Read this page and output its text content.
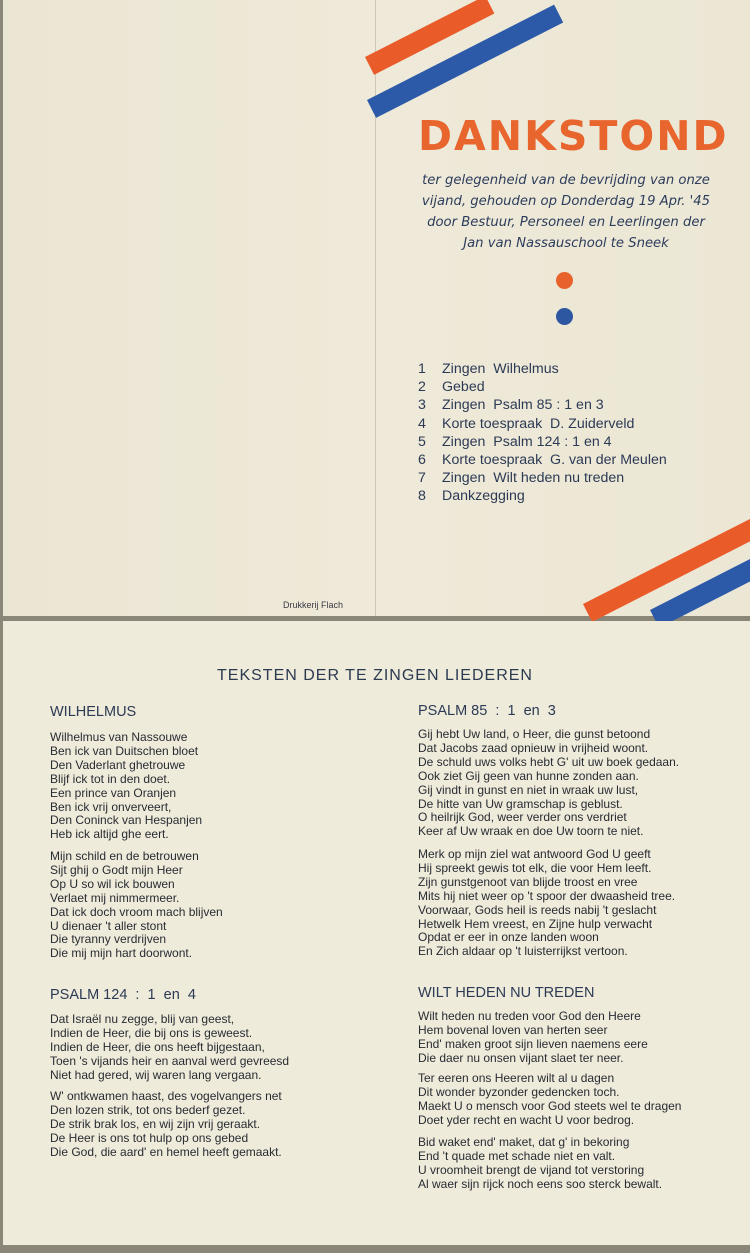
DANKSTOND
ter gelegenheid van de bevrijding van onze
vijand, gehouden op Donderdag 19 Apr. '45
door Bestuur, Personeel en Leerlingen der
Jan van Nassauschool te Sneek
1 Zingen  Wilhelmus
2 Gebed
3 Zingen  Psalm 85 : 1 en 3
4 Korte toespraak  D. Zuiderveld
5 Zingen  Psalm 124 : 1 en 4
6 Korte toespraak  G. van der Meulen
7 Zingen  Wilt heden nu treden
8 Dankzegging
Drukkerij Flach
TEKSTEN DER TE ZINGEN LIEDEREN
WILHELMUS
Wilhelmus van Nassouwe
Ben ick van Duitschen bloet
Den Vaderlant ghetrouwe
Blijf ick tot in den doet.
Een prince van Oranjen
Ben ick vrij onverveert,
Den Coninck van Hespanjen
Heb ick altijd ghe eert.
Mijn schild en de betrouwen
Sijt ghij o Godt mijn Heer
Op U so wil ick bouwen
Verlaet mij nimmermeer.
Dat ick doch vroom mach blijven
U dienaer 't aller stont
Die tyranny verdrijven
Die mij mijn hart doorwont.
PSALM 124  :  1  en  4
Dat Israël nu zegge, blij van geest,
Indien de Heer, die bij ons is geweest.
Indien de Heer, die ons heeft bijgestaan,
Toen 's vijands heir en aanval werd gevreesd
Niet had gered, wij waren lang vergaan.
W' ontkwamen haast, des vogelvangers net
Den lozen strik, tot ons bederf gezet.
De strik brak los, en wij zijn vrij geraakt.
De Heer is ons tot hulp op ons gebed
Die God, die aard' en hemel heeft gemaakt.
PSALM 85  :  1  en  3
Gij hebt Uw land, o Heer, die gunst betoond
Dat Jacobs zaad opnieuw in vrijheid woont.
De schuld uws volks hebt G' uit uw boek gedaan.
Ook ziet Gij geen van hunne zonden aan.
Gij vindt in gunst en niet in wraak uw lust,
De hitte van Uw gramschap is geblust.
O heilrijk God, weer verder ons verdriet
Keer af Uw wraak en doe Uw toorn te niet.
Merk op mijn ziel wat antwoord God U geeft
Hij spreekt gewis tot elk, die voor Hem leeft.
Zijn gunstgenoot van blijde troost en vree
Mits hij niet weer op 't spoor der dwaasheid tree.
Voorwaar, Gods heil is reeds nabij 't geslacht
Hetwelk Hem vreest, en Zijne hulp verwacht
Opdat er eer in onze landen woon
En Zich aldaar op 't luisterrijkst vertoon.
WILT HEDEN NU TREDEN
Wilt heden nu treden voor God den Heere
Hem bovenal loven van herten seer
End' maken groot sijn lieven naemens eere
Die daer nu onsen vijant slaet ter neer.
Ter eeren ons Heeren wilt al u dagen
Dit wonder byzonder gedencken toch.
Maekt U o mensch voor God steets wel te dragen
Doet yder recht en wacht U voor bedrog.
Bid waket end' maket, dat g' in bekoring
End 't quade met schade niet en valt.
U vroomheit brengt de vijand tot verstoring
Al waer sijn rijck noch eens soo sterck bewalt.
